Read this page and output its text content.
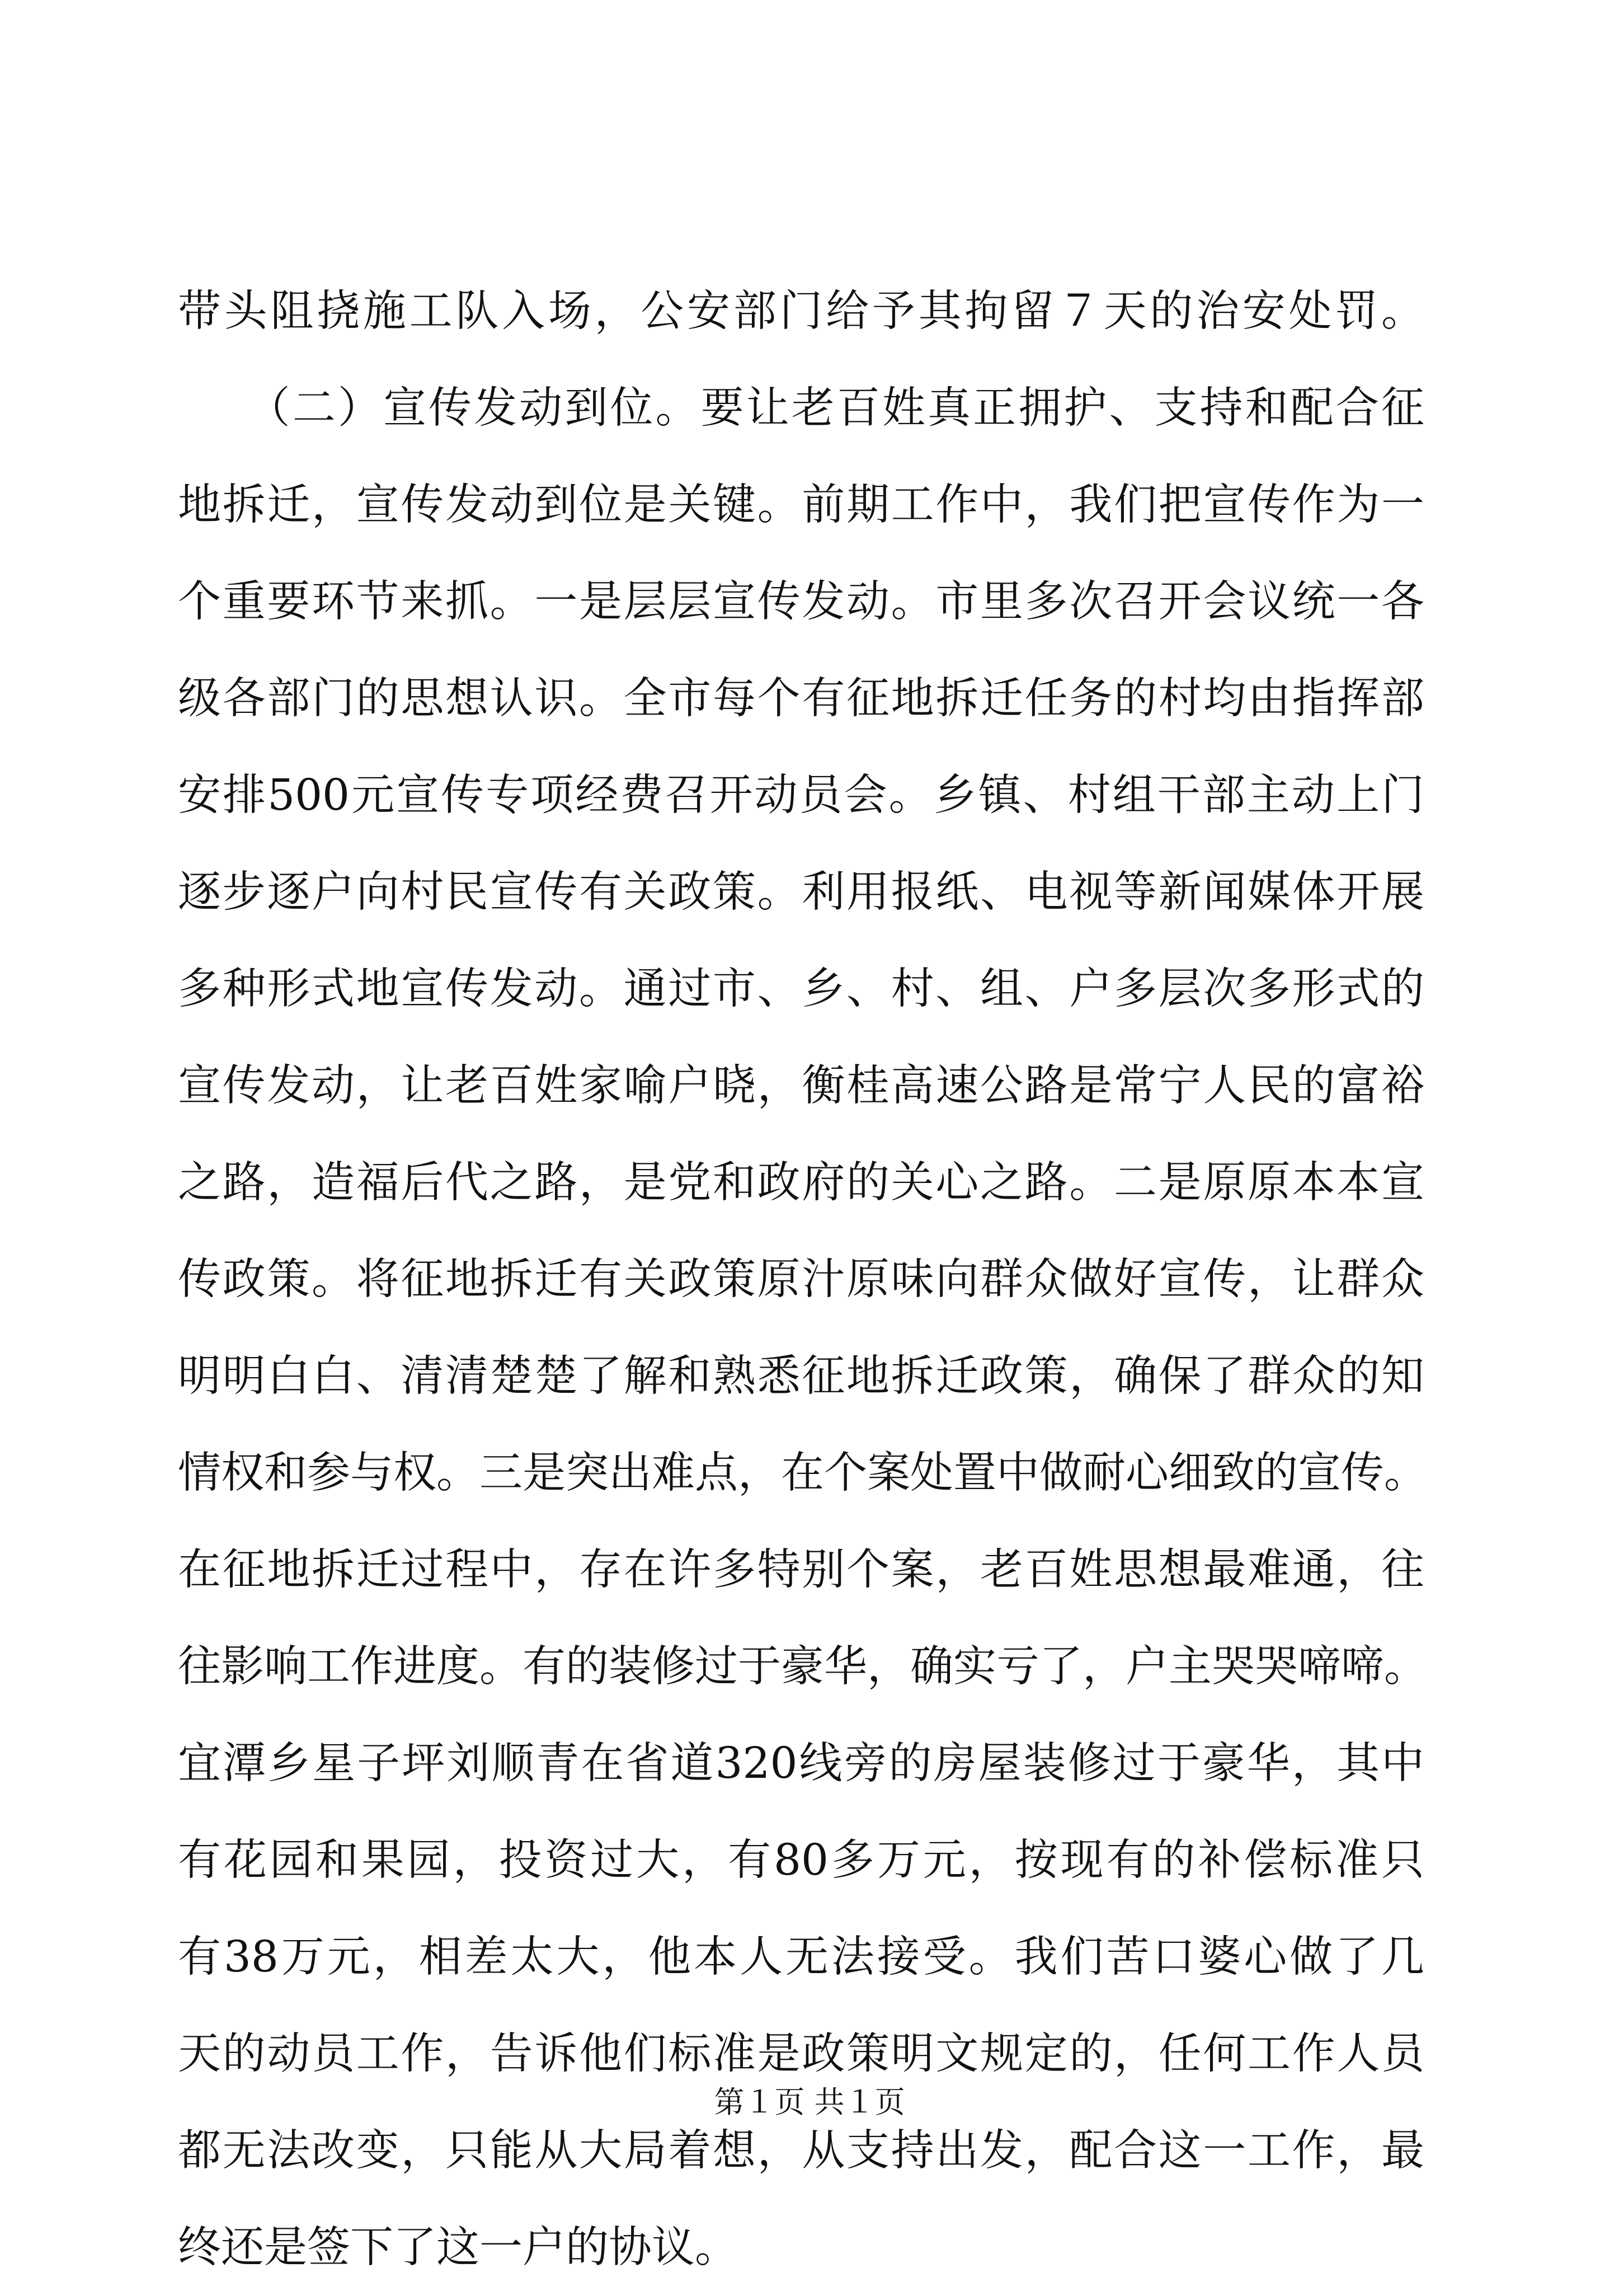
带头阻挠施工队入场，公安部门给予其拘留７天的治安处罚。
　　（二）宣传发动到位。要让老百姓真正拥护、支持和配合征
地拆迁，宣传发动到位是关键。前期工作中，我们把宣传作为一
个重要环节来抓。一是层层宣传发动。市里多次召开会议统一各
级各部门的思想认识。全市每个有征地拆迁任务的村均由指挥部
安排500元宣传专项经费召开动员会。乡镇、村组干部主动上门
逐步逐户向村民宣传有关政策。利用报纸、电视等新闻媒体开展
多种形式地宣传发动。通过市、乡、村、组、户多层次多形式的
宣传发动，让老百姓家喻户晓，衡桂高速公路是常宁人民的富裕
之路，造福后代之路，是党和政府的关心之路。二是原原本本宣
传政策。将征地拆迁有关政策原汁原味向群众做好宣传，让群众
明明白白、清清楚楚了解和熟悉征地拆迁政策，确保了群众的知
情权和参与权。三是突出难点，在个案处置中做耐心细致的宣传。
在征地拆迁过程中，存在许多特别个案，老百姓思想最难通，往
往影响工作进度。有的装修过于豪华，确实亏了，户主哭哭啼啼。
宜潭乡星子坪刘顺青在省道320线旁的房屋装修过于豪华，其中
有花园和果园，投资过大，有80多万元，按现有的补偿标准只
有38万元，相差太大，他本人无法接受。我们苦口婆心做了几
天的动员工作，告诉他们标准是政策明文规定的，任何工作人员
都无法改变，只能从大局着想，从支持出发，配合这一工作，最
终还是签下了这一户的协议。
第１页 共１页
